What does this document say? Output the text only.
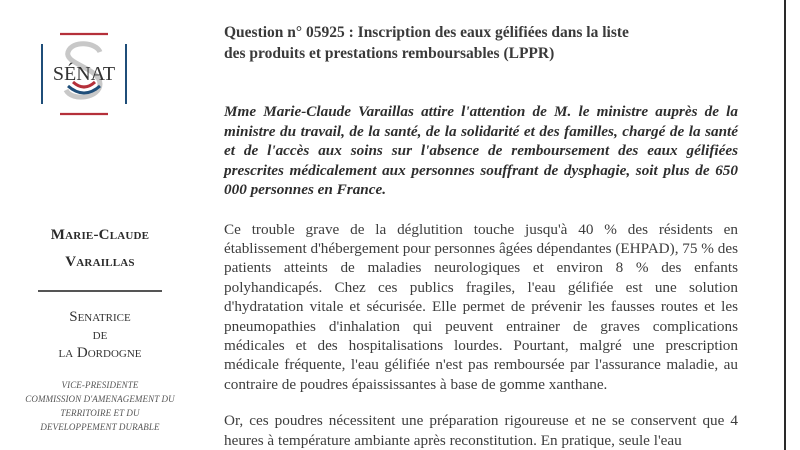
SÉNAT
Marie-Claude
Varaillas
Senatrice
de
la Dordogne
VICE-PRESIDENTE
COMMISSION D'AMENAGEMENT DU
TERRITOIRE ET DU
DEVELOPPEMENT DURABLE
Question n° 05925 : Inscription des eaux gélifiées dans la liste des produits et prestations remboursables (LPPR)
Mme Marie-Claude Varaillas attire l'attention de M. le ministre auprès de la ministre du travail, de la santé, de la solidarité et des familles, chargé de la santé et de l'accès aux soins sur l'absence de remboursement des eaux gélifiées prescrites médicalement aux personnes souffrant de dysphagie, soit plus de 650 000 personnes en France.
Ce trouble grave de la déglutition touche jusqu'à 40 % des résidents en établissement d'hébergement pour personnes âgées dépendantes (EHPAD), 75 % des patients atteints de maladies neurologiques et environ 8 % des enfants polyhandicapés. Chez ces publics fragiles, l'eau gélifiée est une solution d'hydratation vitale et sécurisée. Elle permet de prévenir les fausses routes et les pneumopathies d'inhalation qui peuvent entrainer de graves complications médicales et des hospitalisations lourdes. Pourtant, malgré une prescription médicale fréquente, l'eau gélifiée n'est pas remboursée par l'assurance maladie, au contraire de poudres épaississantes à base de gomme xanthane.
Or, ces poudres nécessitent une préparation rigoureuse et ne se conservent que 4 heures à température ambiante après reconstitution. En pratique, seule l'eau
